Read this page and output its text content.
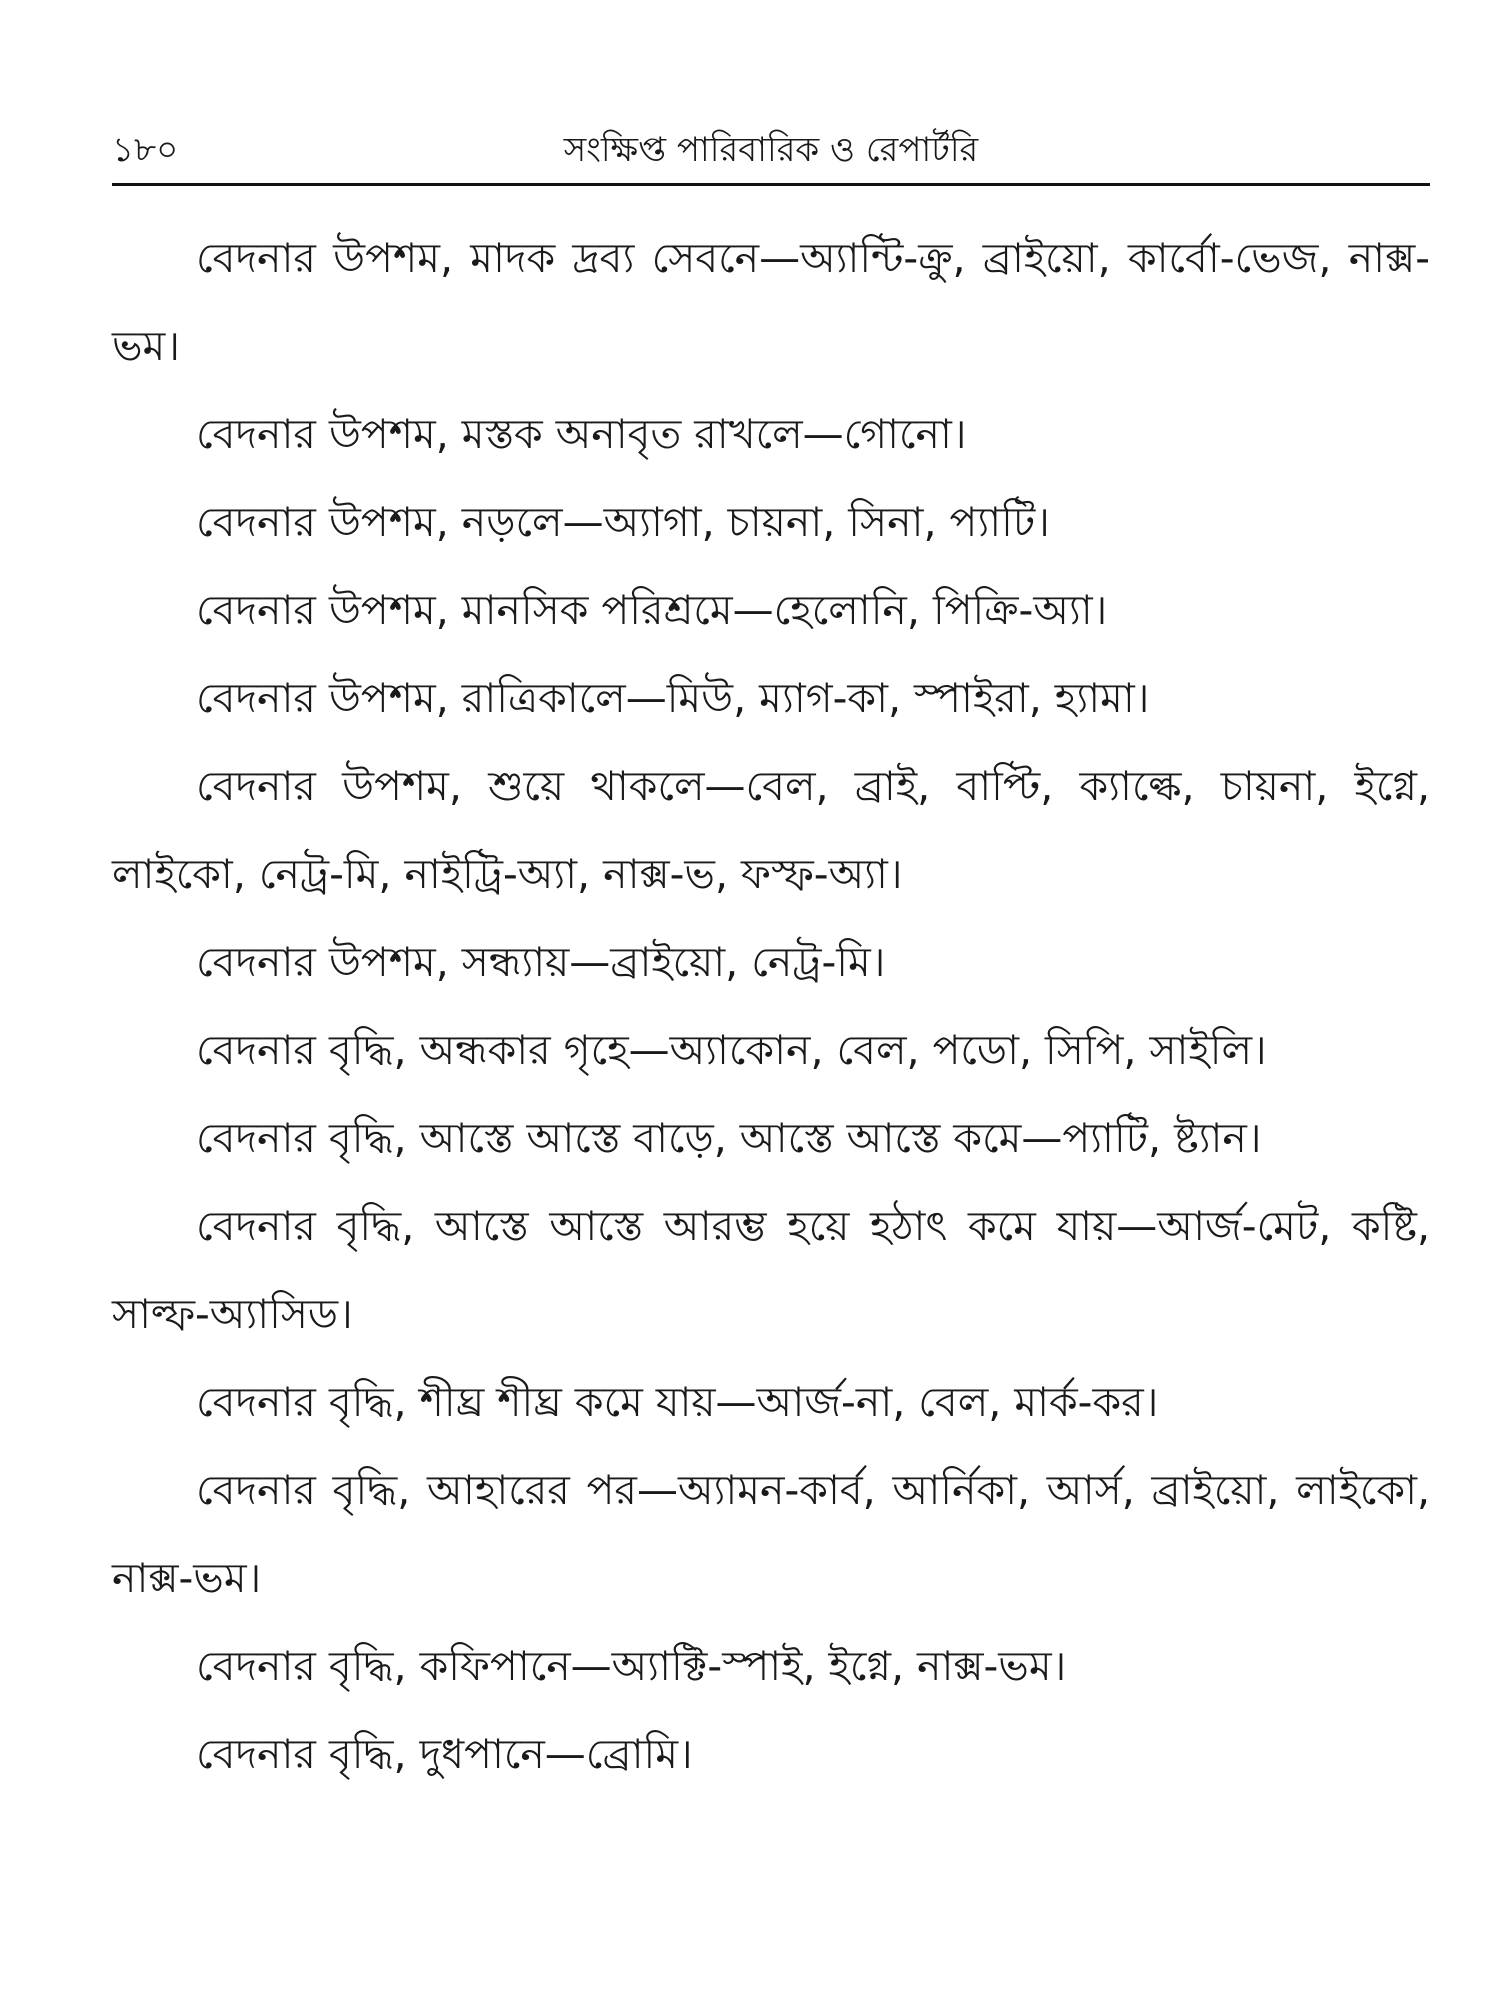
১৮০	সংক্ষিপ্ত পারিবারিক ও রেপার্টরি

বেদনার উপশম, মাদক দ্রব্য সেবনে—অ্যান্টি-ক্রু, ব্রাইয়ো, কার্বো-ভেজ, নাক্স-ভম।

বেদনার উপশম, মস্তক অনাবৃত রাখলে—গোনো।

বেদনার উপশম, নড়লে—অ্যাগা, চায়না, সিনা, প্যাটি।

বেদনার উপশম, মানসিক পরিশ্রমে—হেলোনি, পিক্রি-অ্যা।

বেদনার উপশম, রাত্রিকালে—মিউ, ম্যাগ-কা, স্পাইরা, হ্যামা।

বেদনার উপশম, শুয়ে থাকলে—বেল, ব্রাই, বাপ্টি, ক্যাল্কে, চায়না, ইগ্নে, লাইকো, নেট্র-মি, নাইট্রি-অ্যা, নাক্স-ভ, ফস্ফ-অ্যা।

বেদনার উপশম, সন্ধ্যায়—ব্রাইয়ো, নেট্র-মি।

বেদনার বৃদ্ধি, অন্ধকার গৃহে—অ্যাকোন, বেল, পডো, সিপি, সাইলি।

বেদনার বৃদ্ধি, আস্তে আস্তে বাড়ে, আস্তে আস্তে কমে—প্যাটি, ষ্ট্যান।

বেদনার বৃদ্ধি, আস্তে আস্তে আরম্ভ হয়ে হঠাৎ কমে যায়—আর্জ-মেট, কষ্টি, সাল্ফ-অ্যাসিড।

বেদনার বৃদ্ধি, শীঘ্র শীঘ্র কমে যায়—আর্জ-না, বেল, মার্ক-কর।

বেদনার বৃদ্ধি, আহারের পর—অ্যামন-কার্ব, আর্নিকা, আর্স, ব্রাইয়ো, লাইকো, নাক্স-ভম।

বেদনার বৃদ্ধি, কফিপানে—অ্যাক্টি-স্পাই, ইগ্নে, নাক্স-ভম।

বেদনার বৃদ্ধি, দুধপানে—ব্রোমি।
